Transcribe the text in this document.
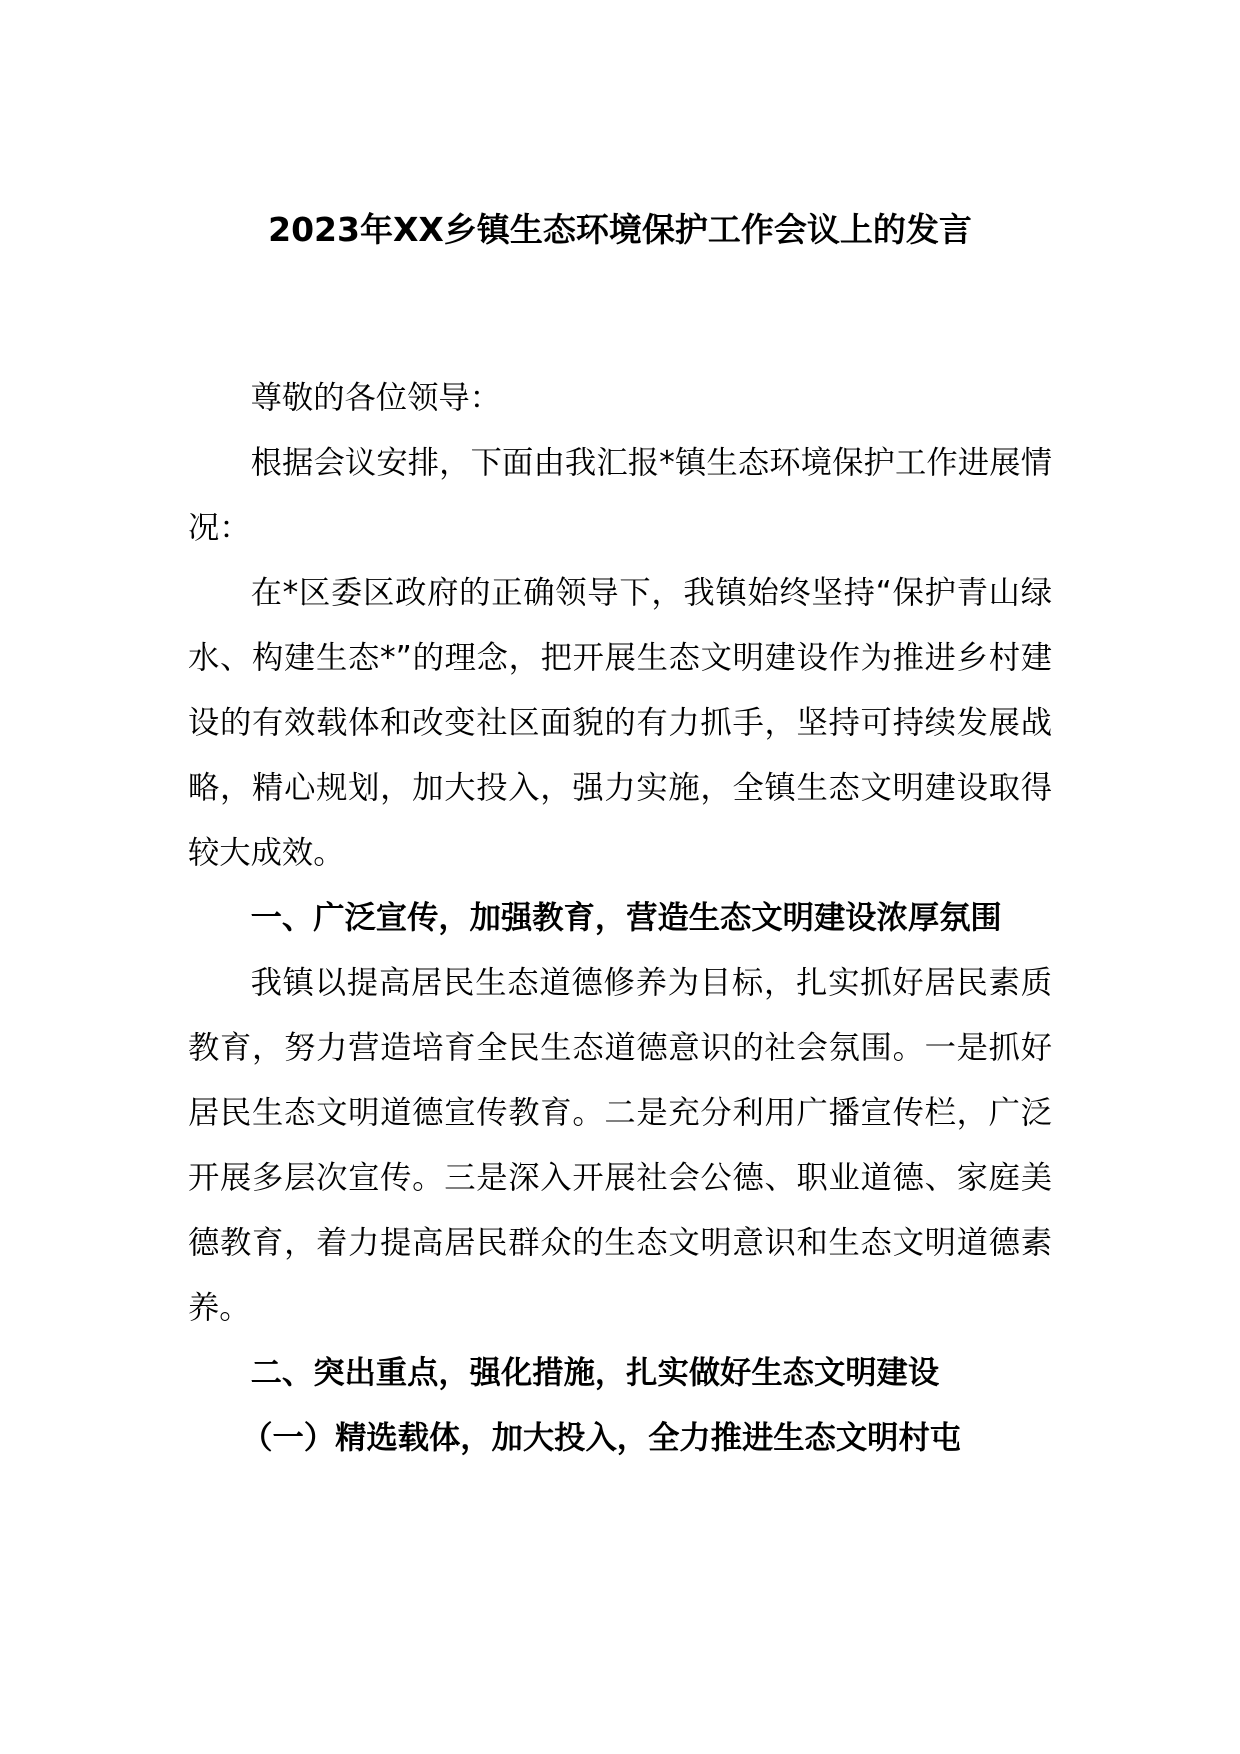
2023年XX乡镇生态环境保护工作会议上的发言

尊敬的各位领导：

根据会议安排，下面由我汇报*镇生态环境保护工作进展情况：

在*区委区政府的正确领导下，我镇始终坚持“保护青山绿水、构建生态*”的理念，把开展生态文明建设作为推进乡村建设的有效载体和改变社区面貌的有力抓手，坚持可持续发展战略，精心规划，加大投入，强力实施，全镇生态文明建设取得较大成效。

一、广泛宣传，加强教育，营造生态文明建设浓厚氛围

我镇以提高居民生态道德修养为目标，扎实抓好居民素质教育，努力营造培育全民生态道德意识的社会氛围。一是抓好居民生态文明道德宣传教育。二是充分利用广播宣传栏，广泛开展多层次宣传。三是深入开展社会公德、职业道德、家庭美德教育，着力提高居民群众的生态文明意识和生态文明道德素养。

二、突出重点，强化措施，扎实做好生态文明建设

（一）精选载体，加大投入，全力推进生态文明村屯
